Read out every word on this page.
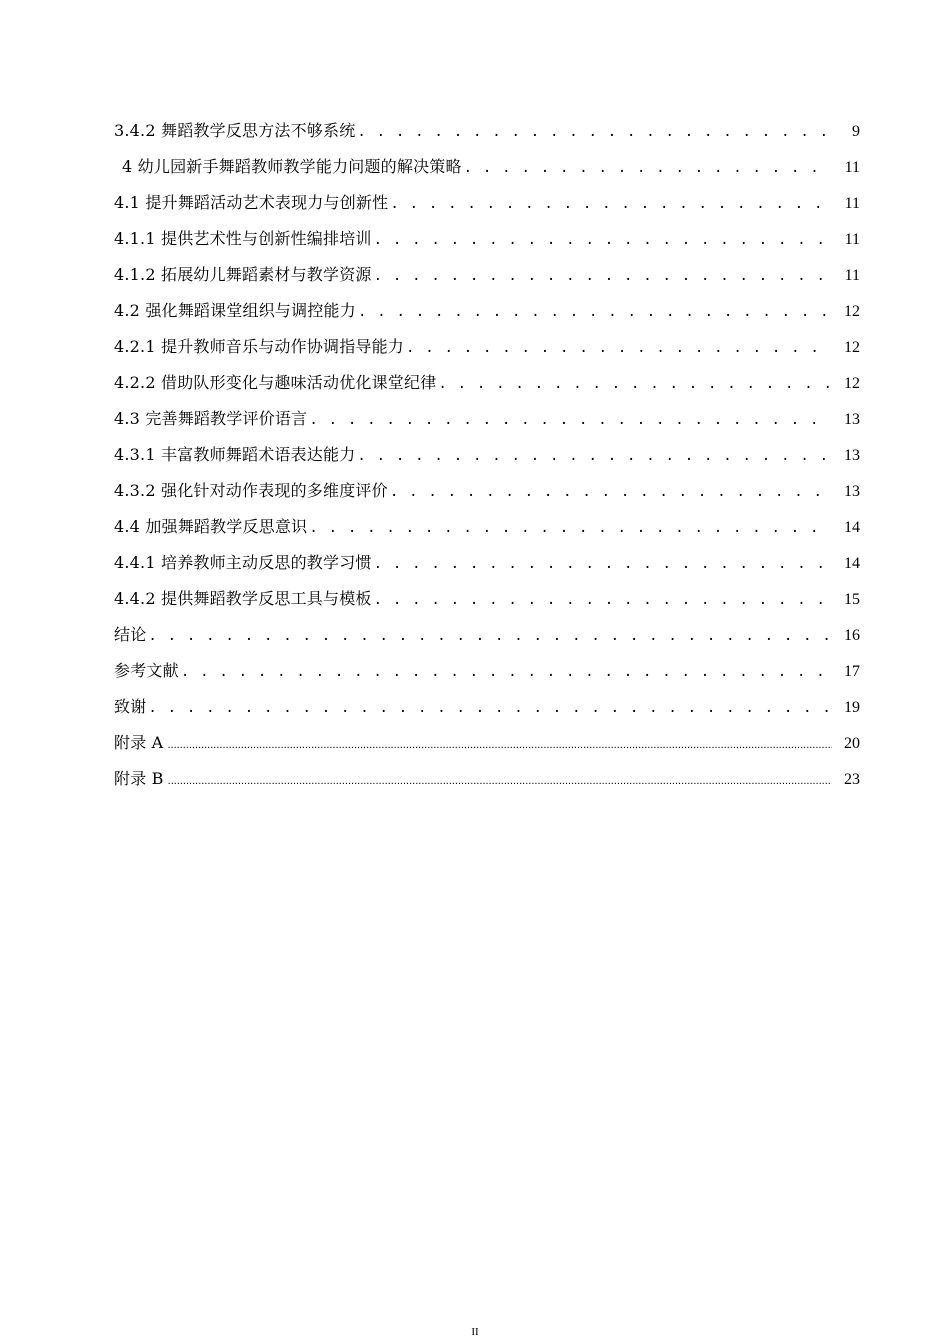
3.4.2 舞蹈教学反思方法不够系统 . . .	9
4 幼儿园新手舞蹈教师教学能力问题的解决策略 . . .	11
4.1 提升舞蹈活动艺术表现力与创新性 . . .	11
4.1.1 提供艺术性与创新性编排培训 . . .	11
4.1.2 拓展幼儿舞蹈素材与教学资源 . . .	11
4.2 强化舞蹈课堂组织与调控能力 . . .	12
4.2.1 提升教师音乐与动作协调指导能力 . . .	12
4.2.2 借助队形变化与趣味活动优化课堂纪律 . . .	12
4.3 完善舞蹈教学评价语言 . . .	13
4.3.1 丰富教师舞蹈术语表达能力 . . .	13
4.3.2 强化针对动作表现的多维度评价 . . .	13
4.4 加强舞蹈教学反思意识 . . .	14
4.4.1 培养教师主动反思的教学习惯 . . .	14
4.4.2 提供舞蹈教学反思工具与模板 . . .	15
结论 . . .	16
参考文献 . . .	17
致谢 . . .	19
附录 A .....	20
附录 B .....	23
II
